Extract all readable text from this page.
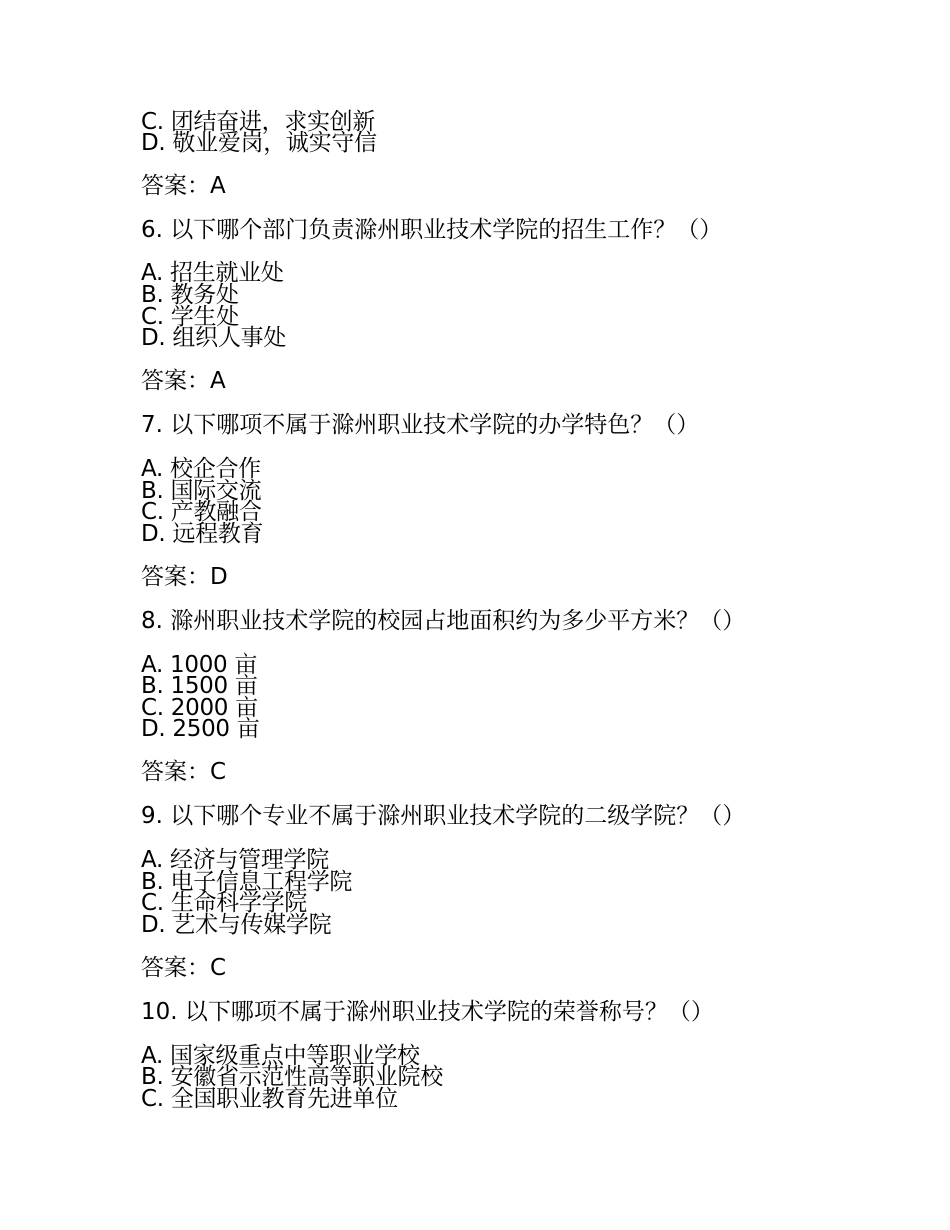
C. 团结奋进，求实创新
D. 敬业爱岗，诚实守信
答案：A
6. 以下哪个部门负责滁州职业技术学院的招生工作？（）
A. 招生就业处
B. 教务处
C. 学生处
D. 组织人事处
答案：A
7. 以下哪项不属于滁州职业技术学院的办学特色？（）
A. 校企合作
B. 国际交流
C. 产教融合
D. 远程教育
答案：D
8. 滁州职业技术学院的校园占地面积约为多少平方米？（）
A. 1000 亩
B. 1500 亩
C. 2000 亩
D. 2500 亩
答案：C
9. 以下哪个专业不属于滁州职业技术学院的二级学院？（）
A. 经济与管理学院
B. 电子信息工程学院
C. 生命科学学院
D. 艺术与传媒学院
答案：C
10. 以下哪项不属于滁州职业技术学院的荣誉称号？（）
A. 国家级重点中等职业学校
B. 安徽省示范性高等职业院校
C. 全国职业教育先进单位
